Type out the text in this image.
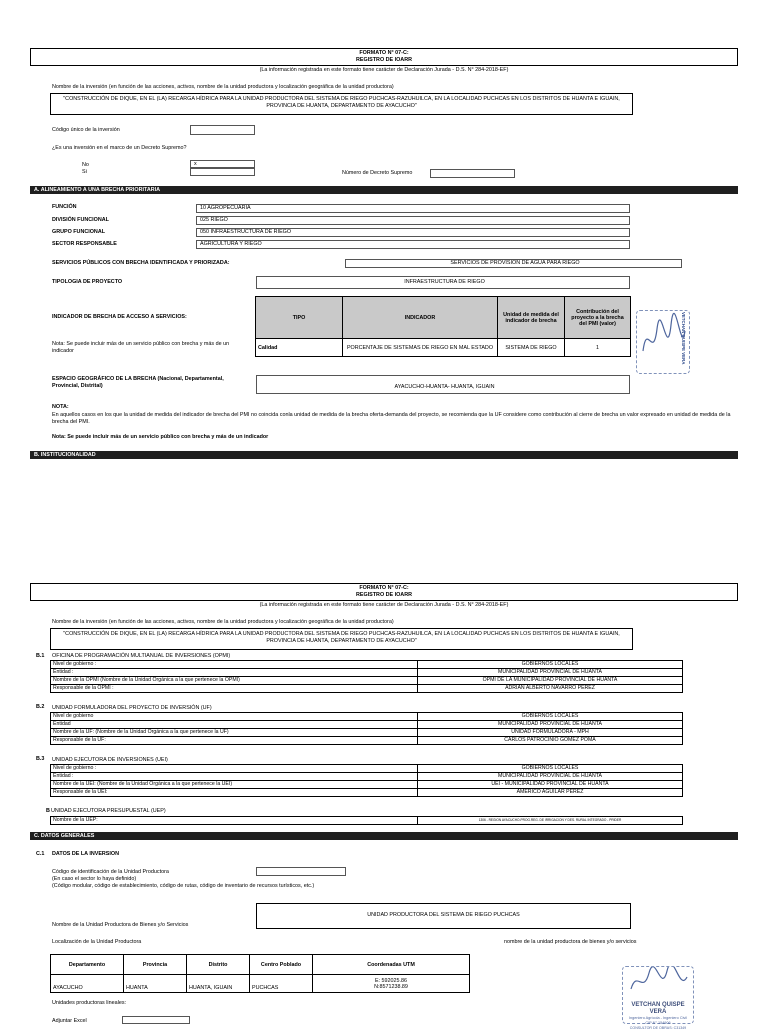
FORMATO N° 07-C:
REGISTRO DE IOARR
(La información registrada en este formato tiene carácter de Declaración Jurada - D.S. N° 284-2018-EF)
Nombre de la inversión (en función de las acciones, activos, nombre de la unidad productora y localización geográfica de la unidad productora)
"CONSTRUCCIÓN DE DIQUE, EN EL (LA) RECARGA HÍDRICA PARA LA UNIDAD PRODUCTORA DEL SISTEMA DE RIEGO PUCHCAS-RAZUHUILCA, EN LA LOCALIDAD PUCHCAS EN LOS DISTRITOS DE HUANTA E IGUAIN,
PROVINCIA DE HUANTA, DEPARTAMENTO DE AYACUCHO"
Código único de la inversión
¿Es una inversión en el marco de un Decreto Supremo?
No
Si
x
Número de Decreto Supremo
A. ALINEAMIENTO A UNA BRECHA PRIORITARIA
FUNCIÓN	10 AGROPECUARIA
DIVISIÓN FUNCIONAL	025 RIEGO
GRUPO FUNCIONAL	050 INFRAESTRUCTURA DE RIEGO
SECTOR RESPONSABLE	AGRICULTURA Y RIEGO
SERVICIOS PÚBLICOS CON BRECHA IDENTIFICADA Y PRIORIZADA:	SERVICIOS DE PROVISIÓN DE AGUA PARA RIEGO
TIPOLOGIA DE PROYECTO	INFRAESTRUCTURA DE RIEGO
INDICADOR DE BRECHA DE ACCESO A SERVICIOS:
Nota: Se puede incluir más de un servicio público con brecha y más de un indicador
TIPO	INDICADOR	Unidad de medida del indicador de brecha	Contribución del proyecto a la brecha del PMI (valor)
Calidad	PORCENTAJE DE SISTEMAS DE RIEGO EN MAL ESTADO	SISTEMA DE RIEGO	1	VETCHAN QUISPE VERA
ESPACIO GEOGRÁFICO DE LA BRECHA (Nacional, Departamental, Provincial, Distrital)	AYACUCHO-HUANTA- HUANTA, IGUAIN
NOTA:
En aquellos casos en los que la unidad de medida del indicador de brecha del PMI no coincida conla unidad de medida de la brecha oferta-demanda del proyecto, se recomienda que la UF considere como contribución al cierre de brecha un valor expresado en unidad de medida de la brecha del PMI.
Nota: Se puede incluir más de un servicio público con brecha y más de un indicador
B. INSTITUCIONALIDAD
FORMATO N° 07-C:
REGISTRO DE IOARR
(La información registrada en este formato tiene carácter de Declaración Jurada - D.S. N° 284-2018-EF)
Nombre de la inversión (en función de las acciones, activos, nombre de la unidad productora y localización geográfica de la unidad productora)
"CONSTRUCCIÓN DE DIQUE, EN EL (LA) RECARGA HÍDRICA PARA LA UNIDAD PRODUCTORA DEL SISTEMA DE RIEGO PUCHCAS-RAZUHUILCA, EN LA LOCALIDAD PUCHCAS EN LOS DISTRITOS DE HUANTA E IGUAIN,
PROVINCIA DE HUANTA, DEPARTAMENTO DE AYACUCHO"
B.1 OFICINA DE PROGRAMACIÓN MULTIANUAL DE INVERSIONES (OPMI)
Nivel de gobierno :	GOBIERNOS LOCALES
Entidad :	MUNICIPALIDAD PROVINCIAL DE HUANTA
Nombre de la OPMI (Nombre de la Unidad Orgánica a la que pertenece la OPMI)	OPMI DE LA MUNICIPALIDAD PROVINCIAL DE HUANTA
Responsable de la OPMI :	ADRIAN ALBERTO NAVARRO PEREZ
B.2 UNIDAD FORMULADORA DEL PROYECTO DE INVERSIÓN (UF)
Nivel de gobierno	GOBIERNOS LOCALES
Entidad	MUNICIPALIDAD PROVINCIAL DE HUANTA
Nombre de la UF: (Nombre de la Unidad Orgánica a la que pertenece la UF)	UNIDAD FORMULADORA - MPH
Responsable de la UF:	CARLOS PATROCINIO GOMEZ POMA
B.3 UNIDAD EJECUTORA DE INVERSIONES (UEI)
Nivel de gobierno :	GOBIERNOS LOCALES
Entidad :	MUNICIPALIDAD PROVINCIAL DE HUANTA
Nombre de la UEI: (Nombre de la Unidad Orgánica a la que pertenece la UEI)	UEI - MUNICIPALIDAD PROVINCIAL DE HUANTA
Responsable de la UEI:	AMERICO AGUILAR PEREZ
B UNIDAD EJECUTORA PRESUPUESTAL (UEP)
Nombre de la UEP:	1306 - REGION AYACUCHO-PROG.REG. DE IRRIGACION Y DES. RURAL INTEGRADO - PRIDER
C. DATOS GENERALES
C.1 DATOS DE LA INVERSION
Código de identificación de la Unidad Productora
(En caso el sector lo haya definido)
(Código modular, código de establecimiento, código de rutas, código de inventario de recursos turísticos, etc.)
UNIDAD PRODUCTORA DEL SISTEMA DE RIEGO PUCHCAS
Nombre de la Unidad Productora de Bienes y/o Servicios
Localización de la Unidad Productora	nombre de la unidad productora de bienes y/o servicios
Departamento	Provincia	Distrito	Centro Poblado	Coordenadas UTM
AYACUCHO	HUANTA	HUANTA, IGUAIN	PUCHCAS	E: 592025.86
N:8571238.89
Unidades productoras lineales:
Adjuntar Excel
VETCHAN QUISPE VERA
Ingeniero Agrícola - Ingeniero Civil
CIP N° 154906
CONSULTOR DE OBRAS: C31349
